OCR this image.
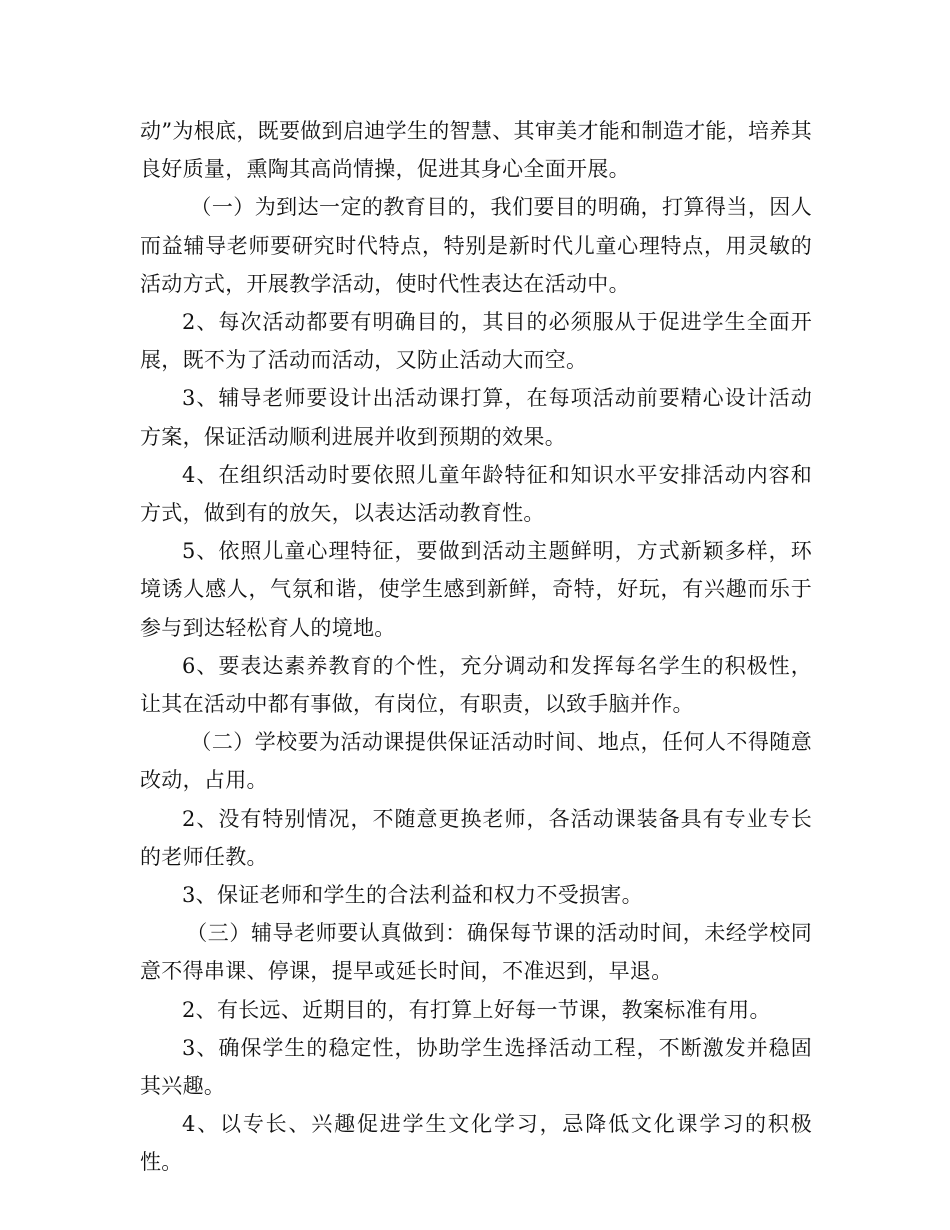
动”为根底，既要做到启迪学生的智慧、其审美才能和制造才能，培养其良好质量，熏陶其高尚情操，促进其身心全面开展。

（一）为到达一定的教育目的，我们要目的明确，打算得当，因人而益辅导老师要研究时代特点，特别是新时代儿童心理特点，用灵敏的活动方式，开展教学活动，使时代性表达在活动中。

2、每次活动都要有明确目的，其目的必须服从于促进学生全面开展，既不为了活动而活动，又防止活动大而空。

3、辅导老师要设计出活动课打算，在每项活动前要精心设计活动方案，保证活动顺利进展并收到预期的效果。

4、在组织活动时要依照儿童年龄特征和知识水平安排活动内容和方式，做到有的放矢，以表达活动教育性。

5、依照儿童心理特征，要做到活动主题鲜明，方式新颖多样，环境诱人感人，气氛和谐，使学生感到新鲜，奇特，好玩，有兴趣而乐于参与到达轻松育人的境地。

6、要表达素养教育的个性，充分调动和发挥每名学生的积极性，让其在活动中都有事做，有岗位，有职责，以致手脑并作。

（二）学校要为活动课提供保证活动时间、地点，任何人不得随意改动，占用。

2、没有特别情况，不随意更换老师，各活动课装备具有专业专长的老师任教。

3、保证老师和学生的合法利益和权力不受损害。

（三）辅导老师要认真做到：确保每节课的活动时间，未经学校同意不得串课、停课，提早或延长时间，不准迟到，早退。

2、有长远、近期目的，有打算上好每一节课，教案标准有用。

3、确保学生的稳定性，协助学生选择活动工程，不断激发并稳固其兴趣。

4、以专长、兴趣促进学生文化学习，忌降低文化课学习的积极性。
